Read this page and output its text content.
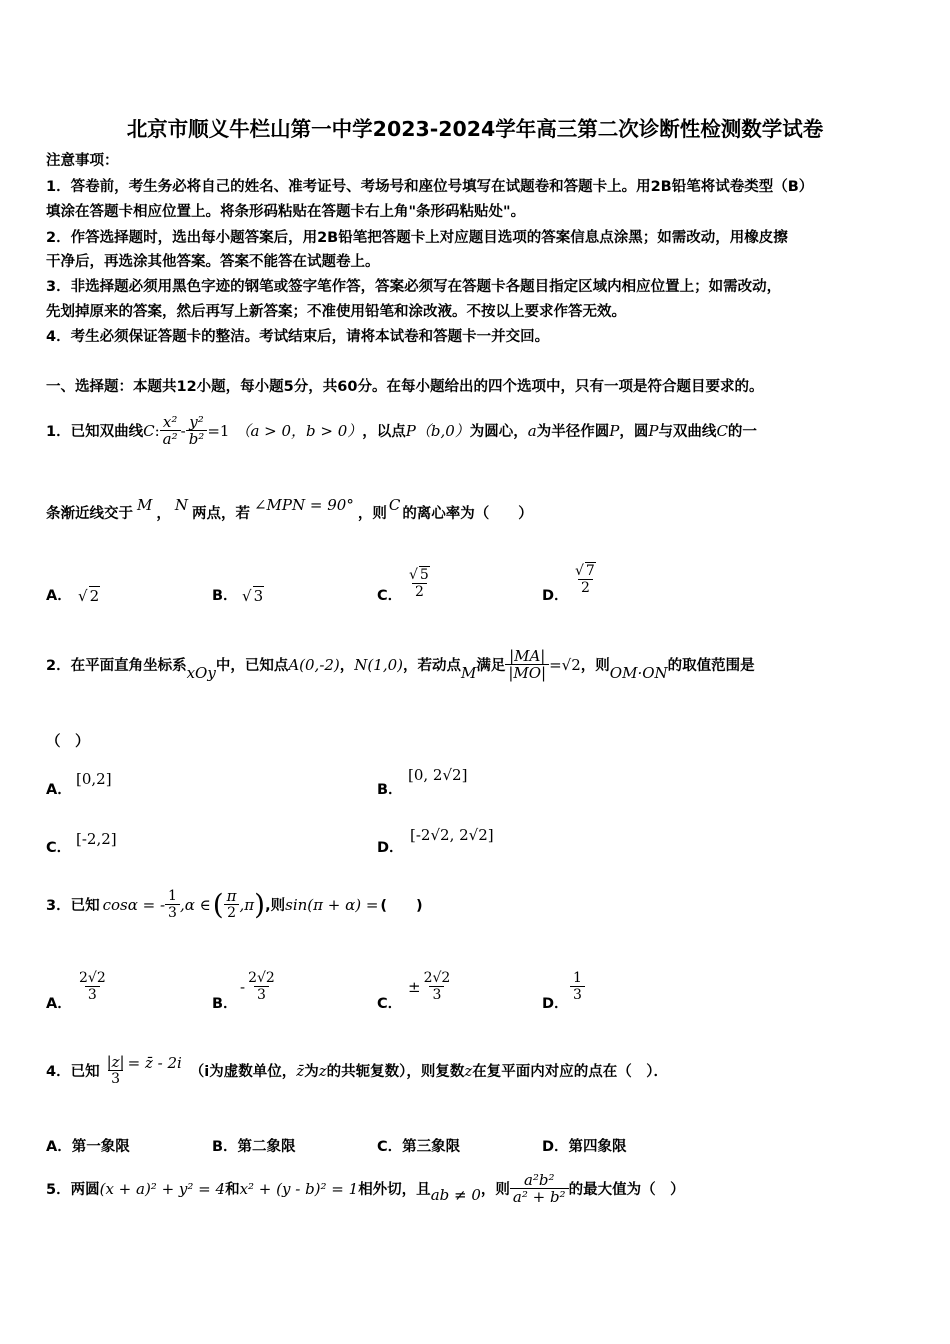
北京市顺义牛栏山第一中学2023-2024学年高三第二次诊断性检测数学试卷
注意事项：
1．答卷前，考生务必将自己的姓名、准考证号、考场号和座位号填写在试题卷和答题卡上。用2B铅笔将试卷类型（B）
填涂在答题卡相应位置上。将条形码粘贴在答题卡右上角"条形码粘贴处"。
2．作答选择题时，选出每小题答案后，用2B铅笔把答题卡上对应题目选项的答案信息点涂黑；如需改动，用橡皮擦
干净后，再选涂其他答案。答案不能答在试题卷上。
3．非选择题必须用黑色字迹的钢笔或签字笔作答，答案必须写在答题卡各题目指定区域内相应位置上；如需改动，
先划掉原来的答案，然后再写上新答案；不准使用铅笔和涂改液。不按以上要求作答无效。
4．考生必须保证答题卡的整洁。考试结束后，请将本试卷和答题卡一并交回。
一、选择题：本题共12小题，每小题5分，共60分。在每小题给出的四个选项中，只有一项是符合题目要求的。
1．已知双曲线 C : $\frac{\text{x²}}{\text{a²}} - \frac{\text{y²}}{\text{b²}} =1$ （a > 0，b > 0） ，以点 P （b,0） 为圆心， a 为半径作圆 P ，圆 P 与双曲线 C 的一
条渐近线交于
M
，
N
两点，若
∠MPN = 90°
，则
C
的离心率为（　　）
A． √ 2	B． √ 3	C． $\frac{√ 5}{2}$	D． $\frac{√ 7}{2}$
2．在平面直角坐标系 xOy 中，已知点 A(0,-2) ， N(1,0) ，若动点 M 满足 $\frac{|MA|}{|MO|} =√2$ ，则 OM·ON 的取值范围是
（　）
A．
[0,2]
B．
[0, 2√2]
C． [-2,2]	D．
[-2√2, 2√2]
3．已知 cosα = - $\frac{1}{3} ,\alpha$ ∈ ( $\frac{\pi}{2} ,\pi$ ) ,则 sin(π + α) = (　　)
A．
$\frac{2√2}{3}$
B．
- $\frac{2√2}{3}$
C．
± $\frac{2√2}{3}$
D．
$\frac{1}{3}$
4．已知 $\frac{|z|}{3}$ = z̄ - 2i
（i为虚数单位， z̄ 为 z 的共轭复数），则复数 z 在复平面内对应的点在（　）．
A．第一象限	B．第二象限	C．第三象限	D．第四象限
5．两圆 (x + a)² + y² = 4 和 x² + (y - b)² = 1 相外切，且 ab ≠ 0 ，则 $\frac{\text{a²b²}}{\text{a² + b²}}$ 的最大值为（　）
